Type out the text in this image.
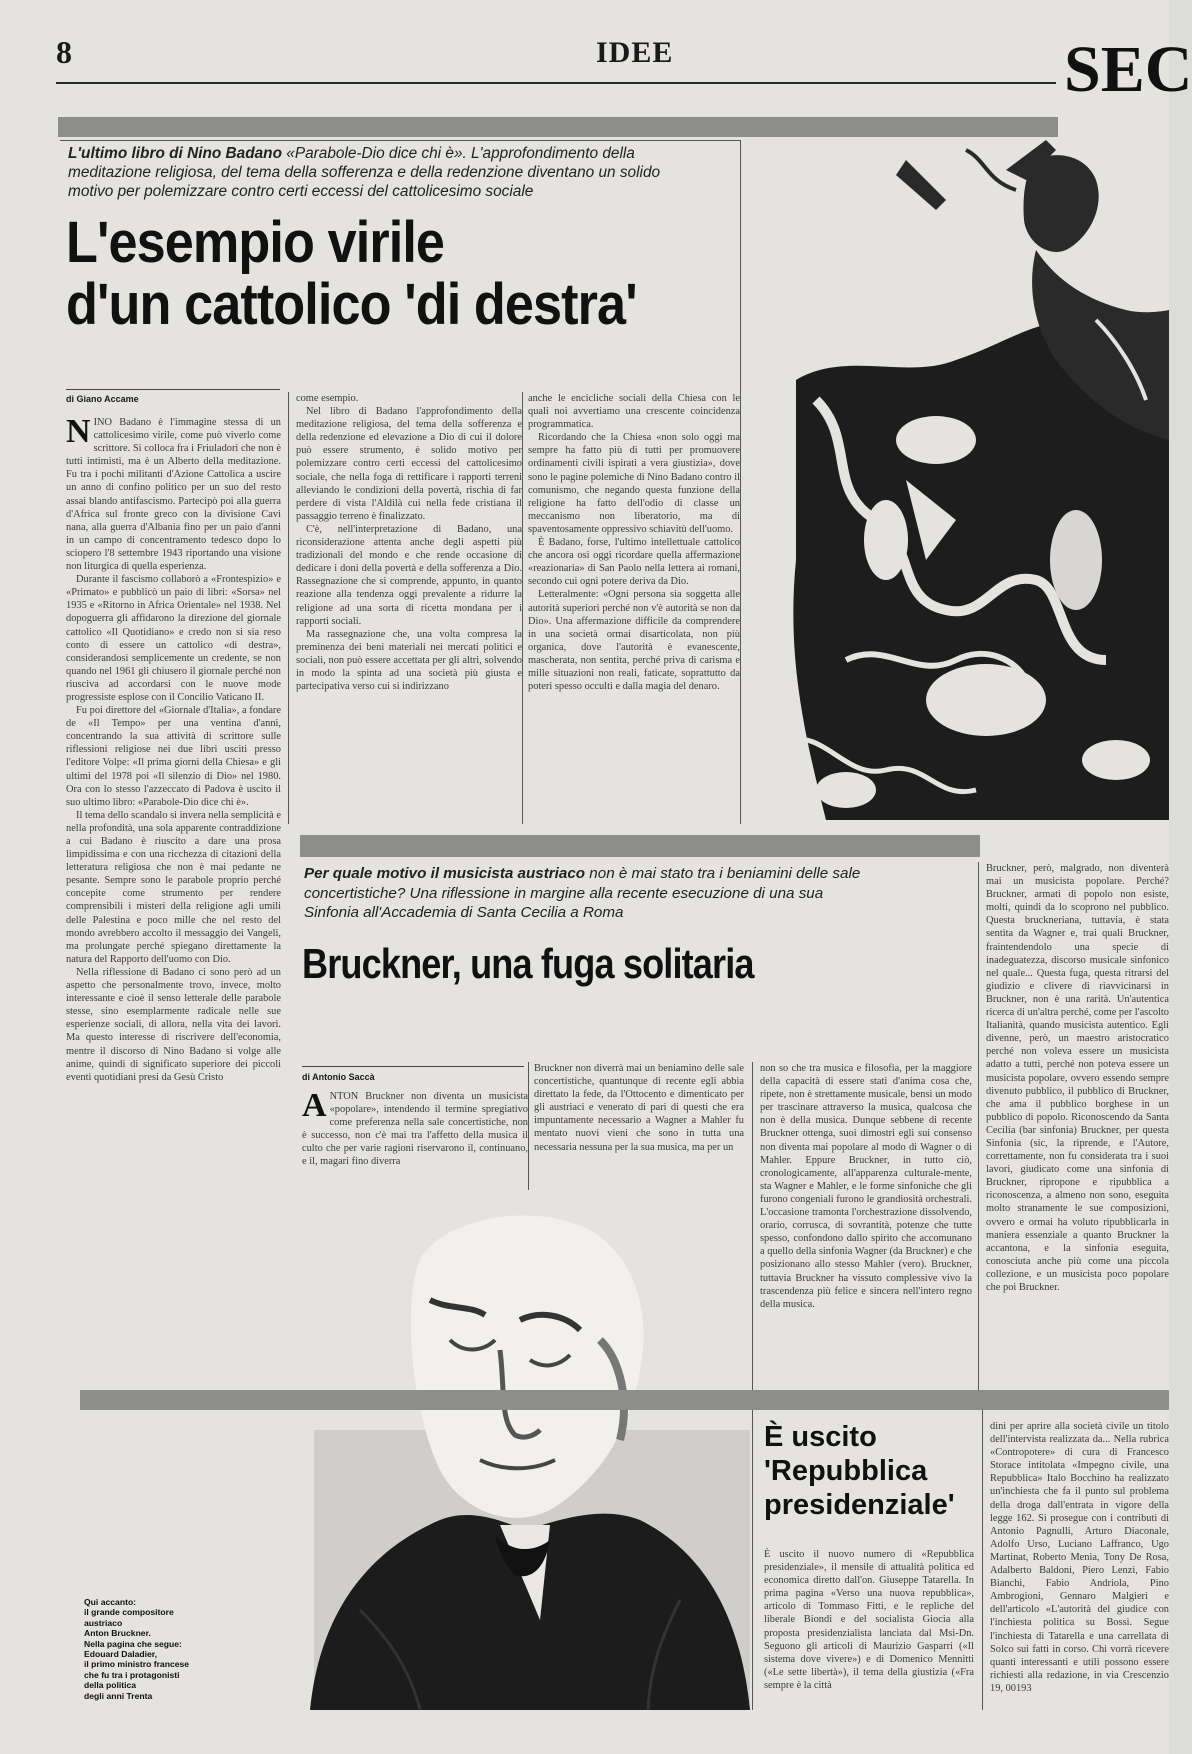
8	IDEE	SEC
L'ultimo libro di Nino Badano «Parabole-Dio dice chi è». L'approfondimento della meditazione religiosa, del tema della sofferenza e della redenzione diventano un solido motivo per polemizzare contro certi eccessi del cattolicesimo sociale
L'esempio virile
d'un cattolico 'di destra'
di Giano Accame

NINO Badano è l'immagine stessa di un cattolicesimo virile, come può viverlo come scrittore. Si colloca fra i Friuladori che non è tutti intimisti, ma è un Alberto della meditazione. Fu tra i pochi militanti d'Azione Cattolica a uscire un anno di confino politico per un suo del resto assai blando antifascismo. Partecipò poi alla guerra d'Africa sul fronte greco con la divisione Cavi nana, alla guerra d'Albania fino per un paio d'anni in un campo di concentramento tedesco dopo lo sciopero l'8 settembre 1943 riportando una visione non liturgica di quella esperienza.

Durante il fascismo collaborò a «Frontespizio» e «Primato» e pubblicò un paio di libri: «Sorsa» nel 1935 e «Ritorno in Africa Orientale» nel 1938. Nel dopoguerra gli affidarono la direzione del giornale cattolico «Il Quotidiano» e credo non si sia reso conto di essere un cattolico «di destra», considerandosi semplicemente un credente, se non quando nel 1961 gli chiusero il giornale perché non riusciva ad accordarsi con le nuove mode progressiste esplose con il Concilio Vaticano II.

Fu poi direttore del «Giornale d'Italia», a fondare de «Il Tempo» per una ventina d'anni, concentrando la sua attività di scrittore sulle riflessioni religiose nei due libri usciti presso l'editore Volpe: «Il prima giorni della Chiesa» e gli ultimi del 1978 poi «Il silenzio di Dio» nel 1980. Ora con lo stesso l'azzeccato di Padova è uscito il suo ultimo libro: «Parabole-Dio dice chi è».

Il tema dello scandalo si invera nella semplicità e nella profondità, una sola apparente contraddizione a cui Badano è riuscito a dare una prosa limpidissima e con una ricchezza di citazioni della letteratura religiosa che non è mai pedante ne pesante. Sempre sono le parabole proprio perché concepite come strumento per rendere comprensibili i misteri della religione agli umili delle Palestina e poco mille che nel resto del mondo avrebbero accolto il messaggio dei Vangeli, ma prolungate perché spiegano direttamente la natura del Rapporto dell'uomo con Dio.

Nella riflessione di Badano ci sono però ad un aspetto che personalmente trovo, invece, molto interessante e cioè il senso letterale delle parabole stesse, sino esemplarmente radicale nelle sue esperienze sociali, di allora, nella vita dei lavori. Ma questo interesse di riscrivere dell'economia, mentre il discorso di Nino Badano si volge alle anime, quindi di significato superiore dei piccoli eventi quotidiani presi da Gesù Cristo

come esempio.

Nel libro di Badano l'approfondimento della meditazione religiosa, del tema della sofferenza e della redenzione ed elevazione a Dio di cui il dolore può essere strumento, è solido motivo per polemizzare contro certi eccessi del cattolicesimo sociale, che nella foga di rettificare i rapporti terreni alleviando le condizioni della povertà, rischia di far perdere di vista l'Aldilà cui nella fede cristiana il passaggio terreno è finalizzato.

C'è, nell'interpretazione di Badano, una riconsiderazione attenta anche degli aspetti più tradizionali del mondo e che rende occasione di dedicare i doni della povertà e della sofferenza a Dio. Rassegnazione che si comprende, appunto, in quanto reazione alla tendenza oggi prevalente a ridurre la religione ad una sorta di ricetta mondana per i rapporti sociali.

Ma rassegnazione che, una volta compresa la preminenza dei beni materiali nei mercati politici e sociali, non può essere accettata per gli altri, solvendo in modo la spinta ad una società più giusta e partecipativa verso cui si indirizzano

anche le encicliche sociali della Chiesa con le quali noi avvertiamo una crescente coincidenza programmatica.

Ricordando che la Chiesa «non solo oggi ma sempre ha fatto più di tutti per promuovere ordinamenti civili ispirati a vera giustizia», dove sono le pagine polemiche di Nino Badano contro il comunismo, che negando questa funzione della religione ha fatto dell'odio di classe un meccanismo non liberatorio, ma di spaventosamente oppressivo schiavitù dell'uomo.

È Badano, forse, l'ultimo intellettuale cattolico che ancora osi oggi ricordare quella affermazione «reazionaria» di San Paolo nella lettera ai romani, secondo cui ogni potere deriva da Dio.

Letteralmente: «Ogni persona sia soggetta alle autorità superiori perché non v'è autorità se non da Dio». Una affermazione difficile da comprendere in una società ormai disarticolata, non più organica, dove l'autorità è evanescente, mascherata, non sentita, perché priva di carisma e mille situazioni non reali, faticate, soprattutto da poteri spesso occulti e dalla magia del denaro.

Per quale motivo il musicista austriaco non è mai stato tra i beniamini delle sale concertistiche? Una riflessione in margine alla recente esecuzione di una sua Sinfonia all'Accademia di Santa Cecilia a Roma
Bruckner, una fuga solitaria
di Antonio Saccà

ANTON Bruckner non diventa un musicista «popolare», intendendo il termine spregiativo come preferenza nella sale concertistiche, non è successo, non c'è mai tra l'affetto della musica il culto che per varie ragioni riservarono il, continuano, e il, magari fino diverra

Bruckner non diverrà mai un beniamino delle sale concertistiche, quantunque di recente egli abbia direttato la fede, da l'Ottocento e dimenticato per gli austriaci e venerato di pari di questi che era impuntamente necessario a Wagner a Mahler fu mentato nuovi vieni che sono in tutta una necessaria nessuna per la sua musica, ma per un

non so che tra musica e filosofia, per la maggiore della capacità di essere stati d'anima cosa che, ripete, non è strettamente musicale, bensì un modo per trascinare attraverso la musica, qualcosa che non è della musica. Dunque sebbene di recente Bruckner ottenga, suoi dimostri egli sui consenso non diventa mai popolare al modo di Wagner o di Mahler. Eppure Bruckner, in tutto ciò, cronologicamente, all'apparenza culturale-mente, sta Wagner e Mahler, e le forme sinfoniche che gli furono congeniali furono le grandiosità orchestrali. L'occasione tramonta l'orchestrazione dissolvendo, orario, corrusca, di sovrantità, potenze che tutte spesso, confondono dallo spirito che accomunano a quello della sinfonia Wagner (da Bruckner) e che posizionano allo stesso Mahler (vero). Bruckner, tuttavia Bruckner ha vissuto complessive vivo la trascendenza più felice e sincera nell'intero regno della musica.

Bruckner, però, malgrado, non diventerà mai un musicista popolare. Perché? Bruckner, armati di popolo non esiste, molti, quindi da lo scoprono nel pubblico. Questa bruckneriana, tuttavia, è stata sentita da Wagner e, trai quali Bruckner, fraintendendolo una specie di inadeguatezza, discorso musicale sinfonico nel quale... Questa fuga, questa ritrarsi del giudizio e clivere di riavvicinarsi in Bruckner, non è una rarità. Un'autentica ricerca di un'altra perché, come per l'ascolto Italianità, quando musicista autentico. Egli divenne, però, un maestro aristocratico perché non voleva essere un musicista adatto a tutti, perché non poteva essere un musicista popolare, ovvero essendo sempre divenuto pubblico, il pubblico di Bruckner, che ama il pubblico borghese in un pubblico di popolo. Riconoscendo da Santa Cecilia (bar sinfonia) Bruckner, per questa Sinfonia (sic, la riprende, e l'Autore, correttamente, non fu considerata tra i suoi lavori, giudicato come una sinfonia di Bruckner, ripropone e ripubblica a riconoscenza, a almeno non sono, eseguita molto stranamente le sue composizioni, ovvero e ormai ha voluto ripubblicarla in maniera essenziale a quanto Bruckner la accantona, e la sinfonia eseguita, conosciuta anche più come una piccola collezione, e un musicista poco popolare che poi Bruckner.

Qui accanto:
il grande compositore
austriaco
Anton Bruckner.
Nella pagina che segue:
Edouard Daladier,
il primo ministro francese
che fu tra i protagonisti
della politica
degli anni Trenta
È uscito
'Repubblica
presidenziale'

È uscito il nuovo numero di «Repubblica presidenziale», il mensile di attualità politica ed economica diretto dall'on. Giuseppe Tatarella. In prima pagina «Verso una nuova repubblica», articolo di Tommaso Fitti, e le repliche del liberale Biondi e del socialista Giocia alla proposta presidenzialista lanciata dal Msi-Dn. Seguono gli articoli di Maurizio Gasparri («Il sistema dove vivere») e di Domenico Mennitti («Le sette libertà»), il tema della giustizia («Fra sempre è la città

dini per aprire alla società civile un titolo dell'intervista realizzata da... Nella rubrica «Contropotere» di cura di Francesco Storace intitolata «Impegno civile, una Repubblica» Italo Bocchino ha realizzato un'inchiesta che fa il punto sul problema della droga dall'entrata in vigore della legge 162. Si prosegue con i contributi di Antonio Pagnulli, Arturo Diaconale, Adolfo Urso, Luciano Laffranco, Ugo Martinat, Roberto Menia, Tony De Rosa, Adalberto Baldoni, Piero Lenzi, Fabio Bianchi, Fabio Andriola, Pino Ambrogioni, Gennaro Malgieri e dell'articolo «L'autorità del giudice con l'inchiesta politica su Bossi. Segue l'inchiesta di Tatarella e una carrellata di Solco sui fatti in corso. Chi vorrà ricevere quanti interessanti e utili possono essere richiesti alla redazione, in via Crescenzio 19, 00193
